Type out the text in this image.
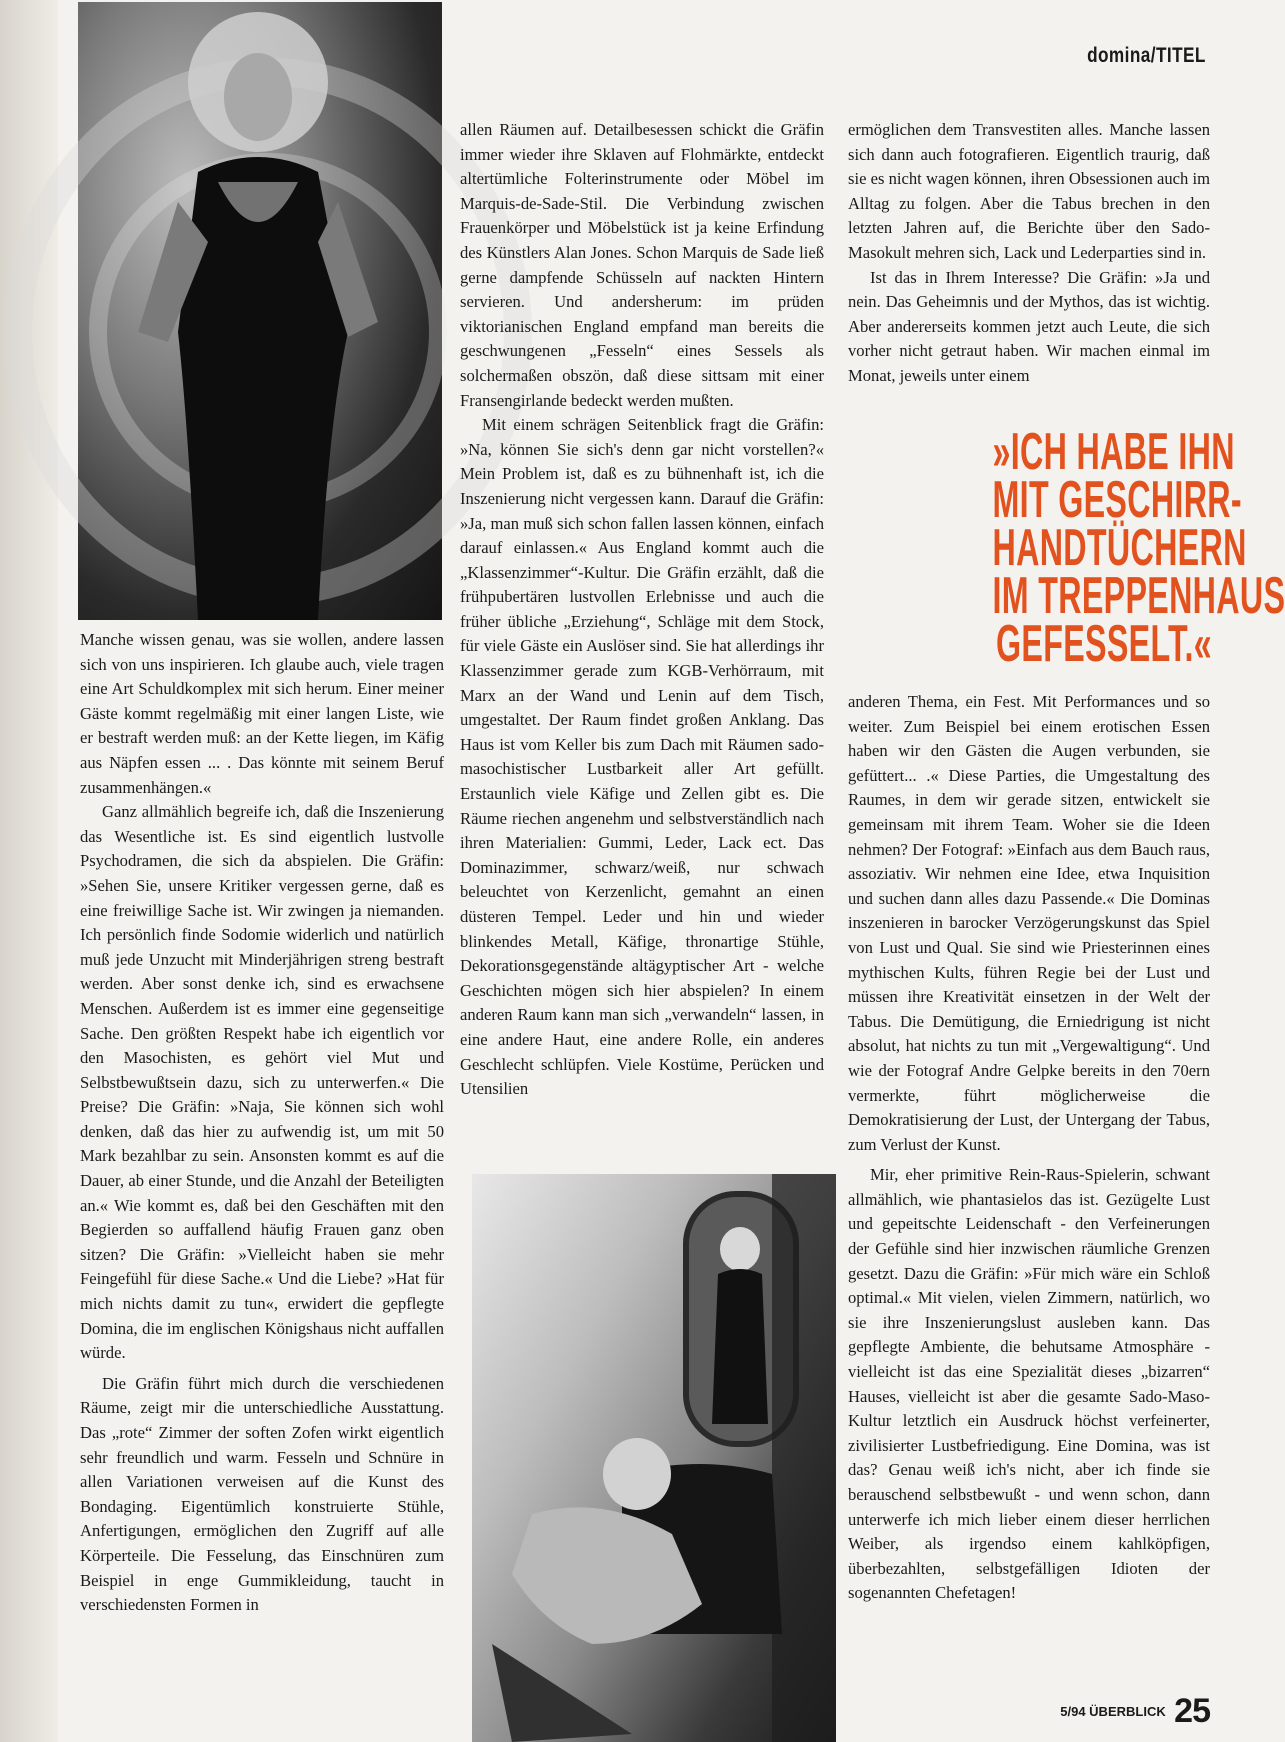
domina/TITEL

Manche wissen genau, was sie wollen, andere lassen sich von uns inspirieren. Ich glaube auch, viele tragen eine Art Schuldkomplex mit sich herum. Einer meiner Gäste kommt regelmäßig mit einer langen Liste, wie er bestraft werden muß: an der Kette liegen, im Käfig aus Näpfen essen ... . Das könnte mit seinem Beruf zusammenhängen.«

Ganz allmählich begreife ich, daß die Inszenierung das Wesentliche ist. Es sind eigentlich lustvolle Psychodramen, die sich da abspielen. Die Gräfin: »Sehen Sie, unsere Kritiker vergessen gerne, daß es eine freiwillige Sache ist. Wir zwingen ja niemanden. Ich persönlich finde Sodomie widerlich und natürlich muß jede Unzucht mit Minderjährigen streng bestraft werden. Aber sonst denke ich, sind es erwachsene Menschen. Außerdem ist es immer eine gegenseitige Sache. Den größten Respekt habe ich eigentlich vor den Masochisten, es gehört viel Mut und Selbstbewußtsein dazu, sich zu unterwerfen.« Die Preise? Die Gräfin: »Naja, Sie können sich wohl denken, daß das hier zu aufwendig ist, um mit 50 Mark bezahlbar zu sein. Ansonsten kommt es auf die Dauer, ab einer Stunde, und die Anzahl der Beteiligten an.« Wie kommt es, daß bei den Geschäften mit den Begierden so auffallend häufig Frauen ganz oben sitzen? Die Gräfin: »Vielleicht haben sie mehr Feingefühl für diese Sache.« Und die Liebe? »Hat für mich nichts damit zu tun«, erwidert die gepflegte Domina, die im englischen Königshaus nicht auffallen würde.

Die Gräfin führt mich durch die verschiedenen Räume, zeigt mir die unterschiedliche Ausstattung. Das „rote“ Zimmer der soften Zofen wirkt eigentlich sehr freundlich und warm. Fesseln und Schnüre in allen Variationen verweisen auf die Kunst des Bondaging. Eigentümlich konstruierte Stühle, Anfertigungen, ermöglichen den Zugriff auf alle Körperteile. Die Fesselung, das Einschnüren zum Beispiel in enge Gummikleidung, taucht in verschiedensten Formen in

allen Räumen auf. Detailbesessen schickt die Gräfin immer wieder ihre Sklaven auf Flohmärkte, entdeckt altertümliche Folterinstrumente oder Möbel im Marquis-de-Sade-Stil. Die Verbindung zwischen Frauenkörper und Möbelstück ist ja keine Erfindung des Künstlers Alan Jones. Schon Marquis de Sade ließ gerne dampfende Schüsseln auf nackten Hintern servieren. Und andersherum: im prüden viktorianischen England empfand man bereits die geschwungenen „Fesseln“ eines Sessels als solchermaßen obszön, daß diese sittsam mit einer Fransengirlande bedeckt werden mußten.

Mit einem schrägen Seitenblick fragt die Gräfin: »Na, können Sie sich's denn gar nicht vorstellen?« Mein Problem ist, daß es zu bühnenhaft ist, ich die Inszenierung nicht vergessen kann. Darauf die Gräfin: »Ja, man muß sich schon fallen lassen können, einfach darauf einlassen.« Aus England kommt auch die „Klassenzimmer“-Kultur. Die Gräfin erzählt, daß die frühpubertären lustvollen Erlebnisse und auch die früher übliche „Erziehung“, Schläge mit dem Stock, für viele Gäste ein Auslöser sind. Sie hat allerdings ihr Klassenzimmer gerade zum KGB-Verhörraum, mit Marx an der Wand und Lenin auf dem Tisch, umgestaltet. Der Raum findet großen Anklang. Das Haus ist vom Keller bis zum Dach mit Räumen sado-masochistischer Lustbarkeit aller Art gefüllt. Erstaunlich viele Käfige und Zellen gibt es. Die Räume riechen angenehm und selbstverständlich nach ihren Materialien: Gummi, Leder, Lack ect. Das Dominazimmer, schwarz/weiß, nur schwach beleuchtet von Kerzenlicht, gemahnt an einen düsteren Tempel. Leder und hin und wieder blinkendes Metall, Käfige, thronartige Stühle, Dekorationsgegenstände altägyptischer Art - welche Geschichten mögen sich hier abspielen? In einem anderen Raum kann man sich „verwandeln“ lassen, in eine andere Haut, eine andere Rolle, ein anderes Geschlecht schlüpfen. Viele Kostüme, Perücken und Utensilien

ermöglichen dem Transvestiten alles. Manche lassen sich dann auch fotografieren. Eigentlich traurig, daß sie es nicht wagen können, ihren Obsessionen auch im Alltag zu folgen. Aber die Tabus brechen in den letzten Jahren auf, die Berichte über den Sado-Masokult mehren sich, Lack und Lederparties sind in.

Ist das in Ihrem Interesse? Die Gräfin: »Ja und nein. Das Geheimnis und der Mythos, das ist wichtig. Aber andererseits kommen jetzt auch Leute, die sich vorher nicht getraut haben. Wir machen einmal im Monat, jeweils unter einem

»ICH HABE IHN
MIT GESCHIRR-
HANDTÜCHERN
IM TREPPENHAUS
GEFESSELT.«

anderen Thema, ein Fest. Mit Performances und so weiter. Zum Beispiel bei einem erotischen Essen haben wir den Gästen die Augen verbunden, sie gefüttert... .« Diese Parties, die Umgestaltung des Raumes, in dem wir gerade sitzen, entwickelt sie gemeinsam mit ihrem Team. Woher sie die Ideen nehmen? Der Fotograf: »Einfach aus dem Bauch raus, assoziativ. Wir nehmen eine Idee, etwa Inquisition und suchen dann alles dazu Passende.« Die Dominas inszenieren in barocker Verzögerungskunst das Spiel von Lust und Qual. Sie sind wie Priesterinnen eines mythischen Kults, führen Regie bei der Lust und müssen ihre Kreativität einsetzen in der Welt der Tabus. Die Demütigung, die Erniedrigung ist nicht absolut, hat nichts zu tun mit „Vergewaltigung“. Und wie der Fotograf Andre Gelpke bereits in den 70ern vermerkte, führt möglicherweise die Demokratisierung der Lust, der Untergang der Tabus, zum Verlust der Kunst.

Mir, eher primitive Rein-Raus-Spielerin, schwant allmählich, wie phantasielos das ist. Gezügelte Lust und gepeitschte Leidenschaft - den Verfeinerungen der Gefühle sind hier inzwischen räumliche Grenzen gesetzt. Dazu die Gräfin: »Für mich wäre ein Schloß optimal.« Mit vielen, vielen Zimmern, natürlich, wo sie ihre Inszenierungslust ausleben kann. Das gepflegte Ambiente, die behutsame Atmosphäre - vielleicht ist das eine Spezialität dieses „bizarren“ Hauses, vielleicht ist aber die gesamte Sado-Maso-Kultur letztlich ein Ausdruck höchst verfeinerter, zivilisierter Lustbefriedigung. Eine Domina, was ist das? Genau weiß ich's nicht, aber ich finde sie berauschend selbstbewußt - und wenn schon, dann unterwerfe ich mich lieber einem dieser herrlichen Weiber, als irgendso einem kahlköpfigen, überbezahlten, selbstgefälligen Idioten der sogenannten Chefetagen!

5/94 ÜBERBLICK 25
